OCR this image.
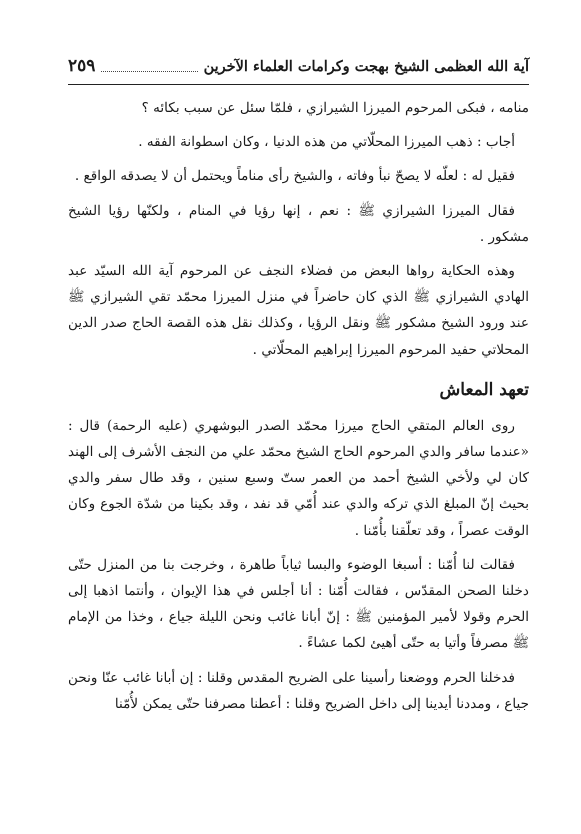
آية الله العظمى الشيخ بهجت وكرامات العلماء الآخرين
٢٥٩

منامه ، فبكى المرحوم الميرزا الشيرازي ، فلمّا سئل عن سبب بكائه ؟

أجاب : ذهب الميرزا المحلّاتي من هذه الدنيا ، وكان اسطوانة الفقه .

فقيل له : لعلّه لا يصحّ نبأ وفاته ، والشيخ رأى مناماً ويحتمل أن لا يصدقه الواقع .

فقال الميرزا الشيرازي ﷺ : نعم ، إنها رؤيا في المنام ، ولكنّها رؤيا الشيخ مشكور .

وهذه الحكاية رواها البعض من فضلاء النجف عن المرحوم آية الله السيّد عبد الهادي الشيرازي ﷺ الذي كان حاضراً في منزل الميرزا محمّد تقي الشيرازي ﷺ عند ورود الشيخ مشكور ﷺ ونقل الرؤيا ، وكذلك نقل هذه القصة الحاج صدر الدين المحلاتي حفيد المرحوم الميرزا إبراهيم المحلّاتي .

تعهد المعاش

روى العالم المتقي الحاج ميرزا محمّد الصدر البوشهري (عليه الرحمة) قال : «عندما سافر والدي المرحوم الحاج الشيخ محمّد علي من النجف الأشرف إلى الهند كان لي ولأخي الشيخ أحمد من العمر ستّ وسبع سنين ، وقد طال سفر والدي بحيث إنّ المبلغ الذي تركه والدي عند أُمّي قد نفد ، وقد بكينا من شدّة الجوع وكان الوقت عصراً ، وقد تعلّقنا بأُمّنا .

فقالت لنا أُمّنا : أسبغا الوضوء والبسا ثياباً طاهرة ، وخرجت بنا من المنزل حتّى دخلنا الصحن المقدّس ، فقالت أُمّنا : أنا أجلس في هذا الإيوان ، وأنتما اذهبا إلى الحرم وقولا لأمير المؤمنين ﷺ : إنّ أبانا غائب ونحن الليلة جياع ، وخذا من الإمام ﷺ مصرفاً وأتيا به حتّى أهيئ لكما عشاءً .

فدخلنا الحرم ووضعنا رأسينا على الضريح المقدس وقلنا : إن أبانا غائب عنّا ونحن جياع ، ومددنا أيدينا إلى داخل الضريح وقلنا : أعطنا مصرفنا حتّى يمكن لأُمّنا
